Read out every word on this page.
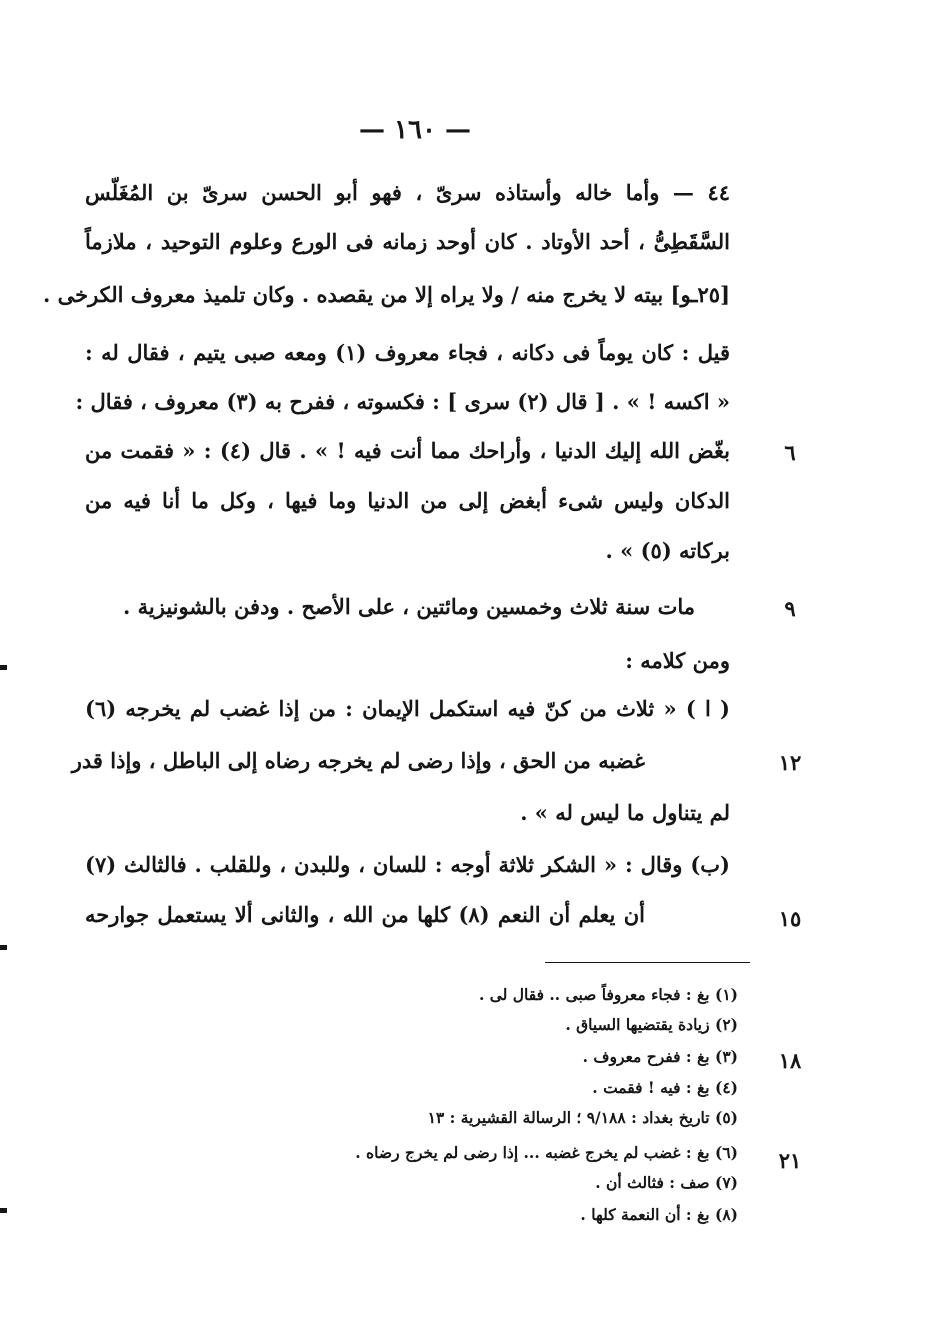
— ١٦٠ —
٤٤ — وأما خاله وأستاذه سرىّ ، فهو أبو الحسن سرىّ بن المُغَلّس
السَّقَطِىُّ ، أحد الأوتاد . كان أوحد زمانه فى الورع وعلوم التوحيد ، ملازماً
[٢٥ـو] بيته لا يخرج منه / ولا يراه إلا من يقصده . وكان تلميذ معروف الكرخى .
قيل : كان يوماً فى دكانه ، فجاء معروف (١) ومعه صبى يتيم ، فقال له :
« اكسه ! » . [ قال (٢) سرى ] : فكسوته ، ففرح به (٣) معروف ، فقال :
بغّض الله إليك الدنيا ، وأراحك مما أنت فيه ! » . قال (٤) : « فقمت من
الدكان وليس شىء أبغض إلى من الدنيا وما فيها ، وكل ما أنا فيه من
بركاته (٥) » .
مات سنة ثلاث وخمسين ومائتين ، على الأصح . ودفن بالشونيزية .
ومن كلامه :
( ا ) « ثلاث من كنّ فيه استكمل الإيمان : من إذا غضب لم يخرجه (٦)
غضبه من الحق ، وإذا رضى لم يخرجه رضاه إلى الباطل ، وإذا قدر
لم يتناول ما ليس له » .
(ب) وقال : « الشكر ثلاثة أوجه : للسان ، وللبدن ، وللقلب . فالثالث (٧)
أن يعلم أن النعم (٨) كلها من الله ، والثانى ألا يستعمل جوارحه
٦
٩
١٢
١٥
(١) بغ : فجاء معروفاً صبى .. فقال لى .
(٢) زيادة يقتضيها السياق .
(٣) بغ : ففرح معروف .
(٤) بغ : فيه ! فقمت .
(٥) تاريخ بغداد : ٩/١٨٨ ؛ الرسالة القشيرية : ١٣
(٦) بغ : غضب لم يخرج غضبه ... إذا رضى لم يخرج رضاه .
(٧) صف : فثالث أن .
(٨) بغ : أن النعمة كلها .
١٨
٢١
